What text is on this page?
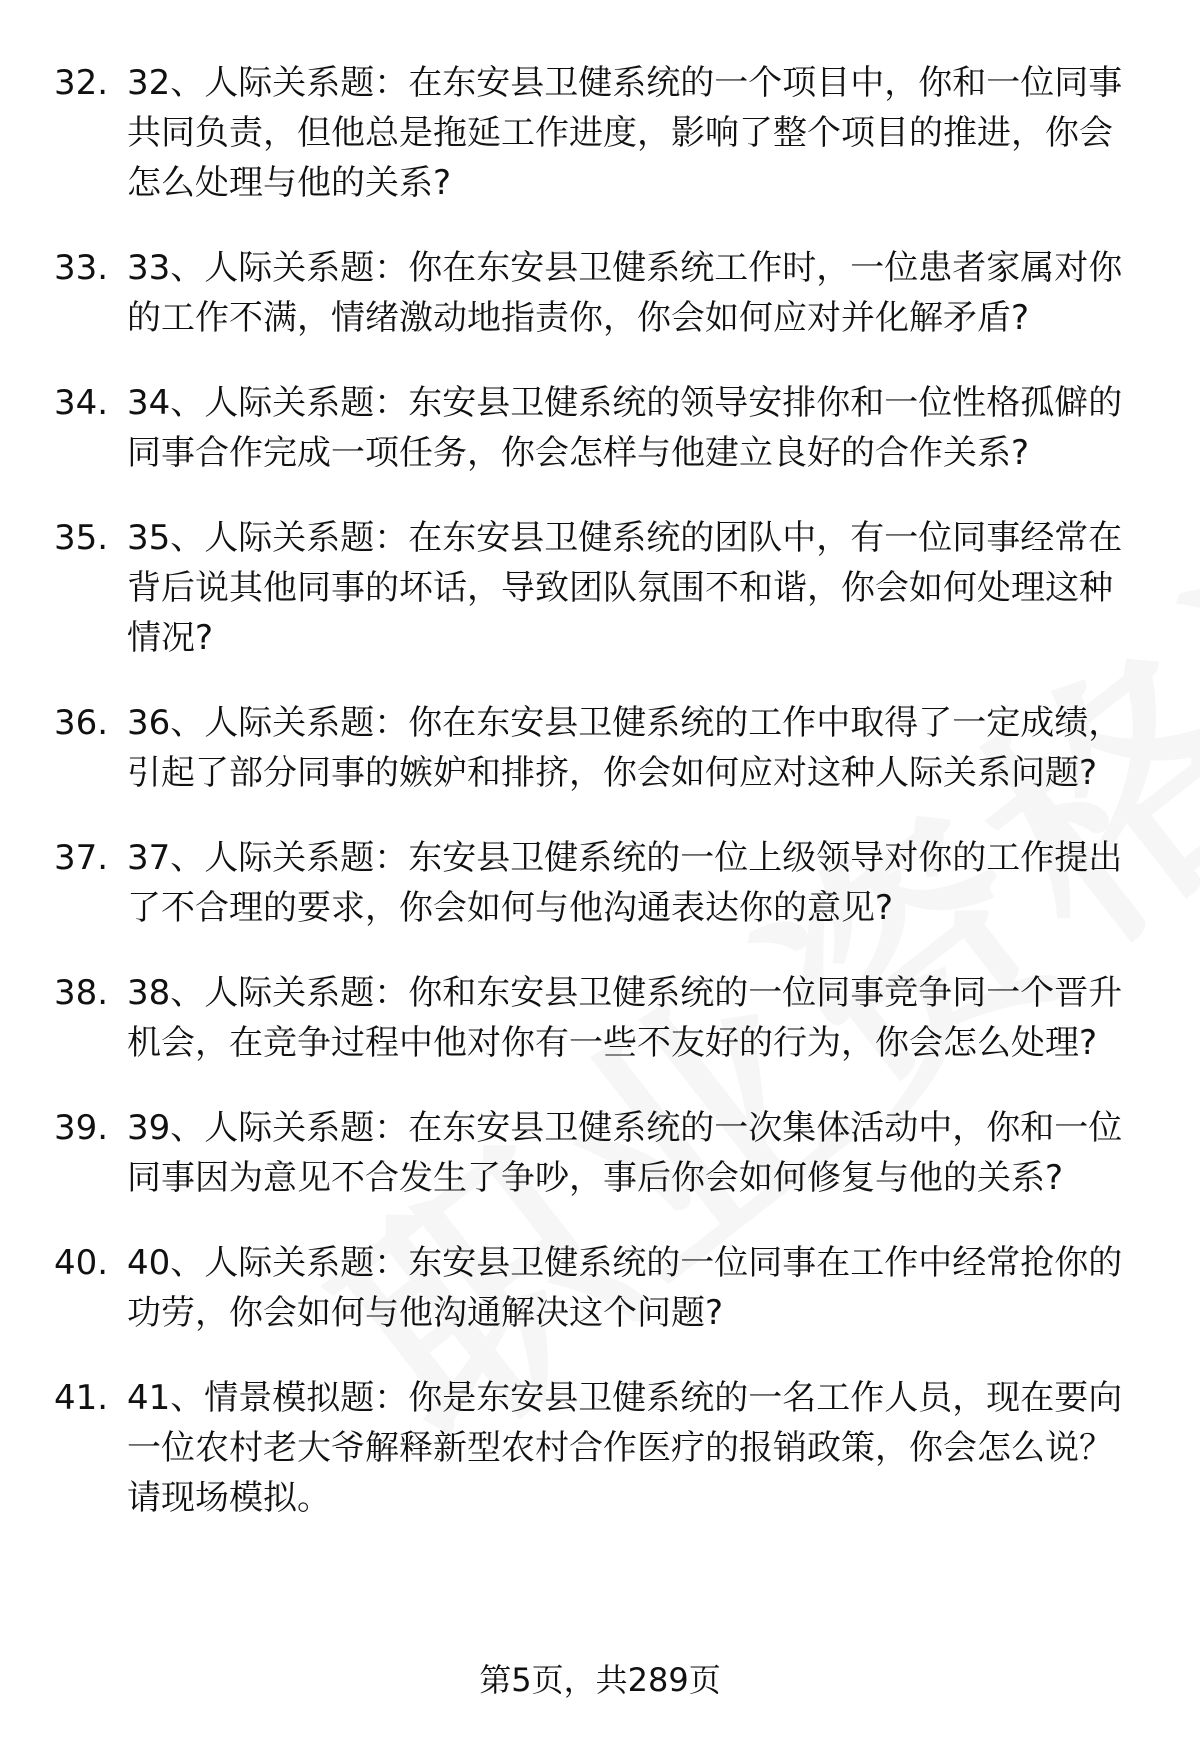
32. 32、人际关系题：在东安县卫健系统的一个项目中，你和一位同事共同负责，但他总是拖延工作进度，影响了整个项目的推进，你会怎么处理与他的关系?
33. 33、人际关系题：你在东安县卫健系统工作时，一位患者家属对你的工作不满，情绪激动地指责你，你会如何应对并化解矛盾?
34. 34、人际关系题：东安县卫健系统的领导安排你和一位性格孤僻的同事合作完成一项任务，你会怎样与他建立良好的合作关系?
35. 35、人际关系题：在东安县卫健系统的团队中，有一位同事经常在背后说其他同事的坏话，导致团队氛围不和谐，你会如何处理这种情况?
36. 36、人际关系题：你在东安县卫健系统的工作中取得了一定成绩，引起了部分同事的嫉妒和排挤，你会如何应对这种人际关系问题?
37. 37、人际关系题：东安县卫健系统的一位上级领导对你的工作提出了不合理的要求，你会如何与他沟通表达你的意见?
38. 38、人际关系题：你和东安县卫健系统的一位同事竞争同一个晋升机会，在竞争过程中他对你有一些不友好的行为，你会怎么处理?
39. 39、人际关系题：在东安县卫健系统的一次集体活动中，你和一位同事因为意见不合发生了争吵，事后你会如何修复与他的关系?
40. 40、人际关系题：东安县卫健系统的一位同事在工作中经常抢你的功劳，你会如何与他沟通解决这个问题?
41. 41、情景模拟题：你是东安县卫健系统的一名工作人员，现在要向一位农村老大爷解释新型农村合作医疗的报销政策，你会怎么说？请现场模拟。
第5页，共289页
